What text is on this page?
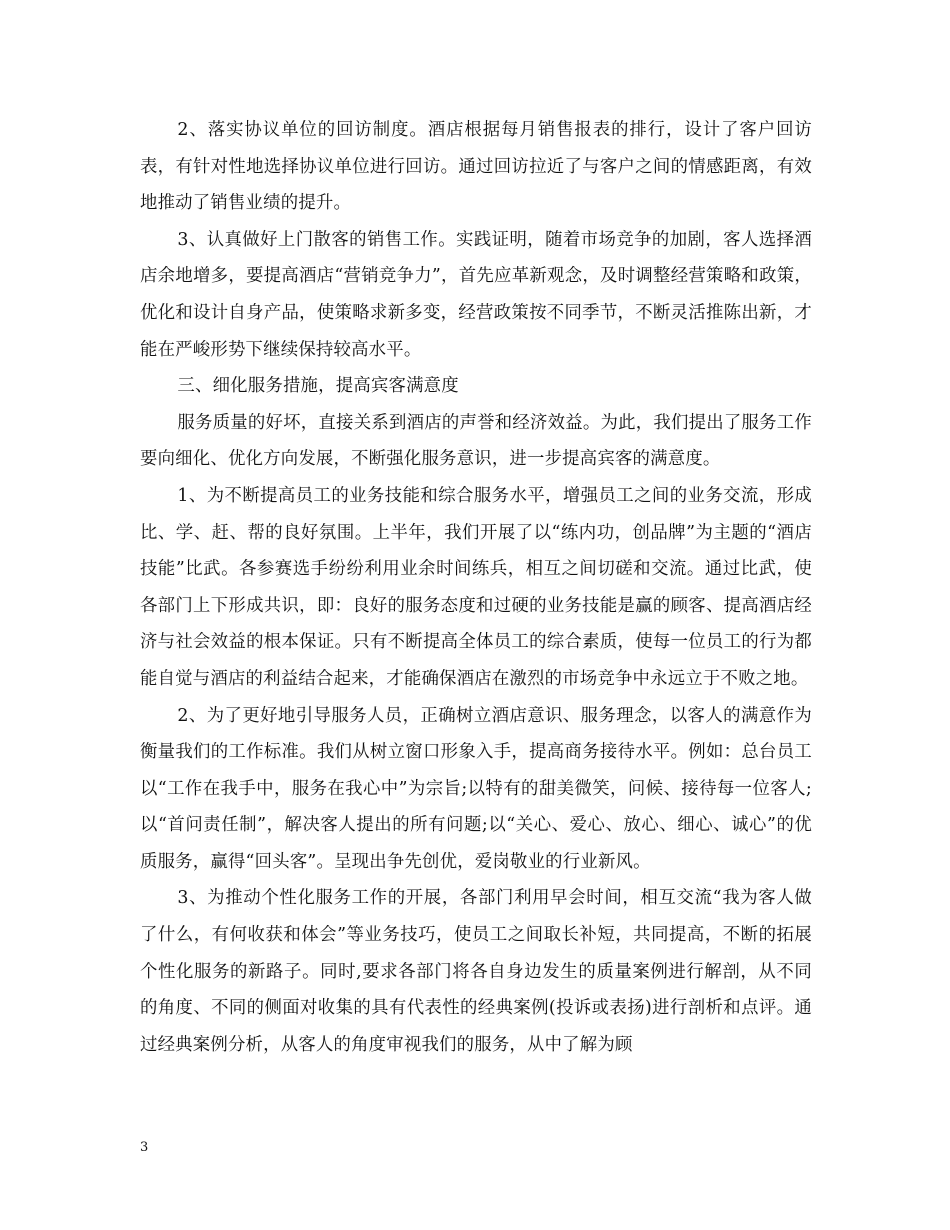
2、落实协议单位的回访制度。酒店根据每月销售报表的排行，设计了客户回访表，有针对性地选择协议单位进行回访。通过回访拉近了与客户之间的情感距离，有效地推动了销售业绩的提升。

3、认真做好上门散客的销售工作。实践证明，随着市场竞争的加剧，客人选择酒店余地增多，要提高酒店“营销竞争力”，首先应革新观念，及时调整经营策略和政策，优化和设计自身产品，使策略求新多变，经营政策按不同季节，不断灵活推陈出新，才能在严峻形势下继续保持较高水平。

三、细化服务措施，提高宾客满意度

服务质量的好坏，直接关系到酒店的声誉和经济效益。为此，我们提出了服务工作要向细化、优化方向发展，不断强化服务意识，进一步提高宾客的满意度。

1、为不断提高员工的业务技能和综合服务水平，增强员工之间的业务交流，形成比、学、赶、帮的良好氛围。上半年，我们开展了以“练内功，创品牌”为主题的“酒店技能”比武。各参赛选手纷纷利用业余时间练兵，相互之间切磋和交流。通过比武，使各部门上下形成共识，即：良好的服务态度和过硬的业务技能是赢的顾客、提高酒店经济与社会效益的根本保证。只有不断提高全体员工的综合素质，使每一位员工的行为都能自觉与酒店的利益结合起来，才能确保酒店在激烈的市场竞争中永远立于不败之地。

2、为了更好地引导服务人员，正确树立酒店意识、服务理念，以客人的满意作为衡量我们的工作标准。我们从树立窗口形象入手，提高商务接待水平。例如：总台员工以“工作在我手中，服务在我心中”为宗旨;以特有的甜美微笑，问候、接待每一位客人;以“首问责任制”，解决客人提出的所有问题;以“关心、爱心、放心、细心、诚心”的优质服务，赢得“回头客”。呈现出争先创优，爱岗敬业的行业新风。

3、为推动个性化服务工作的开展，各部门利用早会时间，相互交流“我为客人做了什么，有何收获和体会”等业务技巧，使员工之间取长补短，共同提高，不断的拓展个性化服务的新路子。同时,要求各部门将各自身边发生的质量案例进行解剖，从不同的角度、不同的侧面对收集的具有代表性的经典案例(投诉或表扬)进行剖析和点评。通过经典案例分析，从客人的角度审视我们的服务，从中了解为顾

3
